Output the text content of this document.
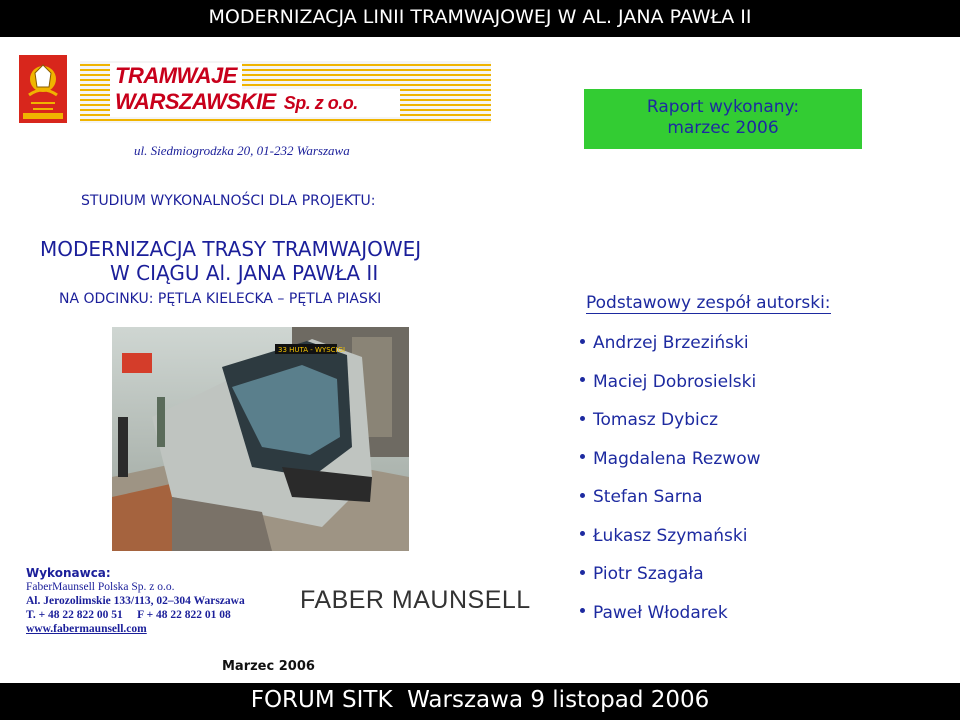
MODERNIZACJA LINII TRAMWAJOWEJ W AL. JANA PAWŁA II
TRAMWAJE
WARSZAWSKIE Sp. z o.o.
ul. Siedmiogrodzka 20, 01-232 Warszawa
Raport wykonany:
marzec 2006
STUDIUM WYKONALNOŚCI DLA PROJEKTU:
MODERNIZACJA TRASY TRAMWAJOWEJ
W CIĄGU Al. JANA PAWŁA II
NA ODCINKU: PĘTLA KIELECKA – PĘTLA PIASKI	Podstawowy zespół autorski:
Andrzej Brzeziński
Maciej Dobrosielski
Tomasz Dybicz
Magdalena Rezwow
Stefan Sarna
Łukasz Szymański
Piotr Szagała
Paweł Włodarek
33 HUTA - WYSCIGI
Wykonawca:
FaberMaunsell Polska Sp. z o.o.
Al. Jerozolimskie 133/113, 02–304 Warszawa
T. + 48 22 822 00 51     F + 48 22 822 01 08
www.fabermaunsell.com
FABER MAUNSELL
Marzec 2006
FORUM SITK  Warszawa 9 listopad 2006
